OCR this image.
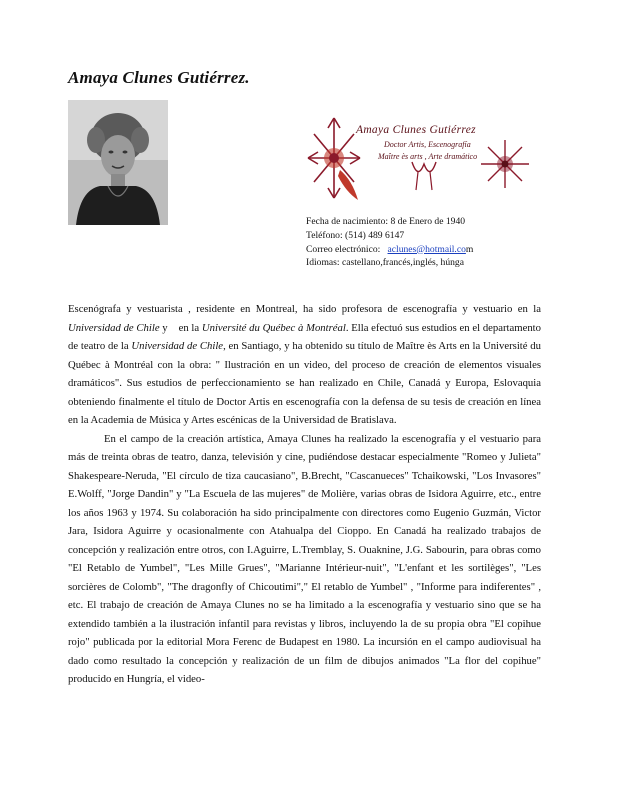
Amaya Clunes Gutiérrez.
Amaya Clunes Gutiérrez
Doctor Artis, Escenografía
Maître ès arts , Arte dramático
Fecha de nacimiento: 8 de Enero de 1940
Teléfono: (514) 489 6147
Correo electrónico:   aclunes@hotmail.com
Idiomas: castellano,francés,inglés, húnga

Escenógrafa y vestuarista , residente en Montreal, ha sido profesora de escenografía y vestuario en la Universidad de Chile y    en la Université du Québec à Montréal. Ella efectuó sus estudios en el departamento de teatro de la Universidad de Chile, en Santiago, y ha obtenido su título de Maître ès Arts en la Université du Québec à Montréal con la obra: " Ilustración en un video, del proceso de creación de elementos visuales dramáticos". Sus estudios de perfeccionamiento se han realizado en Chile, Canadá y Europa, Eslovaquia obteniendo finalmente el título de Doctor Artis en escenografía con la defensa de su tesis de creación en línea en la Academia de Música y Artes escénicas de la Universidad de Bratislava.

En el campo de la creación artística, Amaya Clunes ha realizado la escenografía y el vestuario para más de treinta obras de teatro, danza, televisión y cine, pudiéndose destacar especialmente "Romeo y Julieta" Shakespeare-Neruda, "El círculo de tiza caucasiano", B.Brecht, "Cascanueces" Tchaikowski, "Los Invasores" E.Wolff, "Jorge Dandin" y "La Escuela de las mujeres" de Molière, varias obras de Isidora Aguirre, etc., entre los años 1963 y 1974. Su colaboración ha sido principalmente con directores como Eugenio Guzmán, Victor Jara, Isidora Aguirre y ocasionalmente con Atahualpa del Cioppo. En Canadá ha realizado trabajos de concepción y realización entre otros, con I.Aguirre, L.Tremblay, S. Ouaknine, J.G. Sabourin, para obras como "El Retablo de Yumbel", "Les Mille Grues", "Marianne Intérieur-nuit", "L'enfant et les sortilèges", "Les sorcières de Colomb", "The dragonfly of Chicoutimi"," El retablo de Yumbel" , "Informe para indiferentes" , etc. El trabajo de creación de Amaya Clunes no se ha limitado a la escenografía y vestuario sino que se ha extendido también a la ilustración infantil para revistas y libros, incluyendo la de su propia obra "El copihue rojo" publicada por la editorial Mora Ferenc de Budapest en 1980. La incursión en el campo audiovisual ha dado como resultado la concepción y realización de un film de dibujos animados "La flor del copihue" producido en Hungría, el video-
